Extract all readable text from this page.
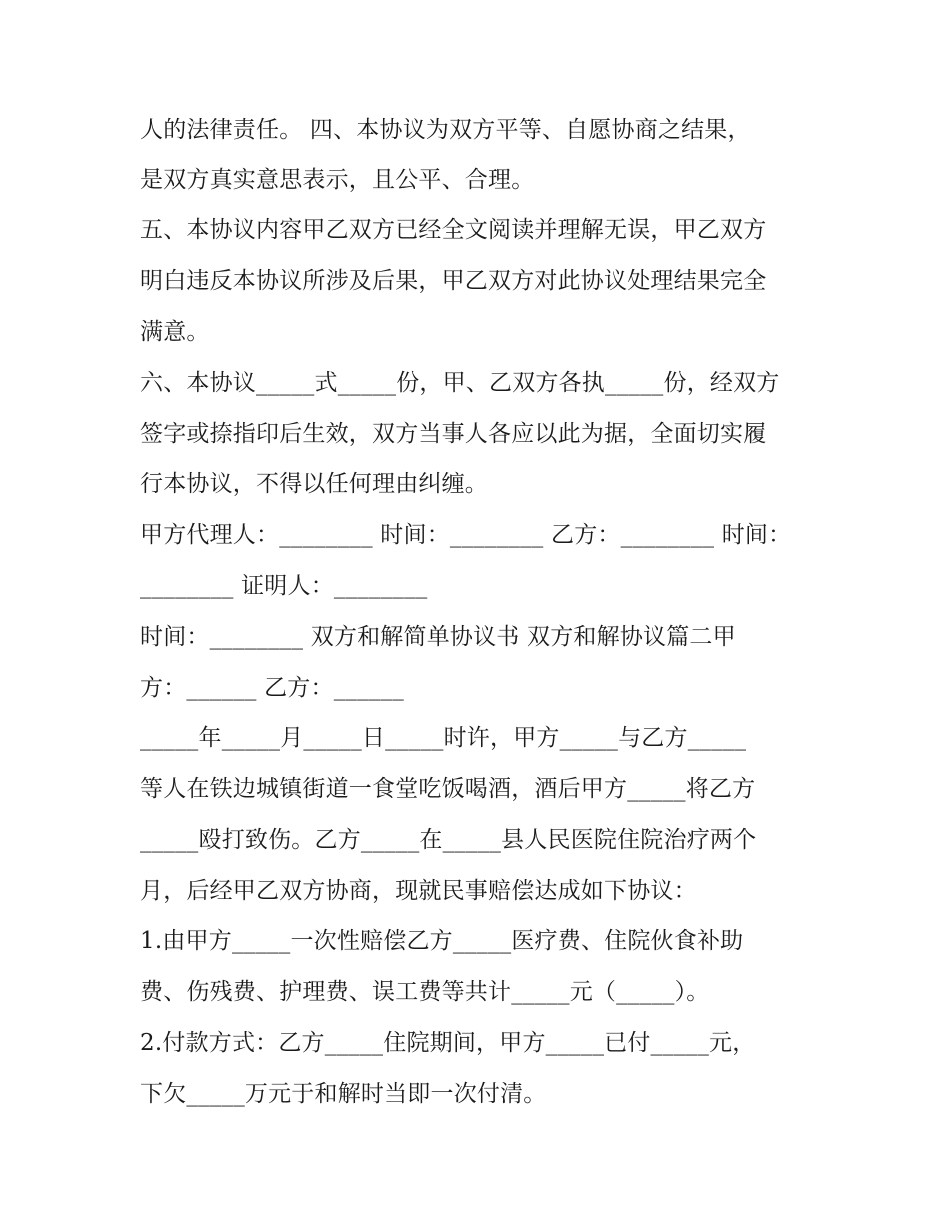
人的法律责任。 四、本协议为双方平等、自愿协商之结果，
是双方真实意思表示，且公平、合理。
五、本协议内容甲乙双方已经全文阅读并理解无误，甲乙双方
明白违反本协议所涉及后果，甲乙双方对此协议处理结果完全
满意。
六、本协议_____式_____份，甲、乙双方各执_____份，经双方
签字或捺指印后生效，双方当事人各应以此为据，全面切实履
行本协议，不得以任何理由纠缠。
甲方代理人：________ 时间：________ 乙方：________ 时间：
________ 证明人：________
时间：________ 双方和解简单协议书 双方和解协议篇二甲
方：______ 乙方：______
_____年_____月_____日_____时许，甲方_____与乙方_____
等人在铁边城镇街道一食堂吃饭喝酒，酒后甲方_____将乙方
_____殴打致伤。乙方_____在_____县人民医院住院治疗两个
月，后经甲乙双方协商，现就民事赔偿达成如下协议：
1.由甲方_____一次性赔偿乙方_____医疗费、住院伙食补助
费、伤残费、护理费、误工费等共计_____元（_____）。
2.付款方式：乙方_____住院期间，甲方_____已付_____元，
下欠_____万元于和解时当即一次付清。
